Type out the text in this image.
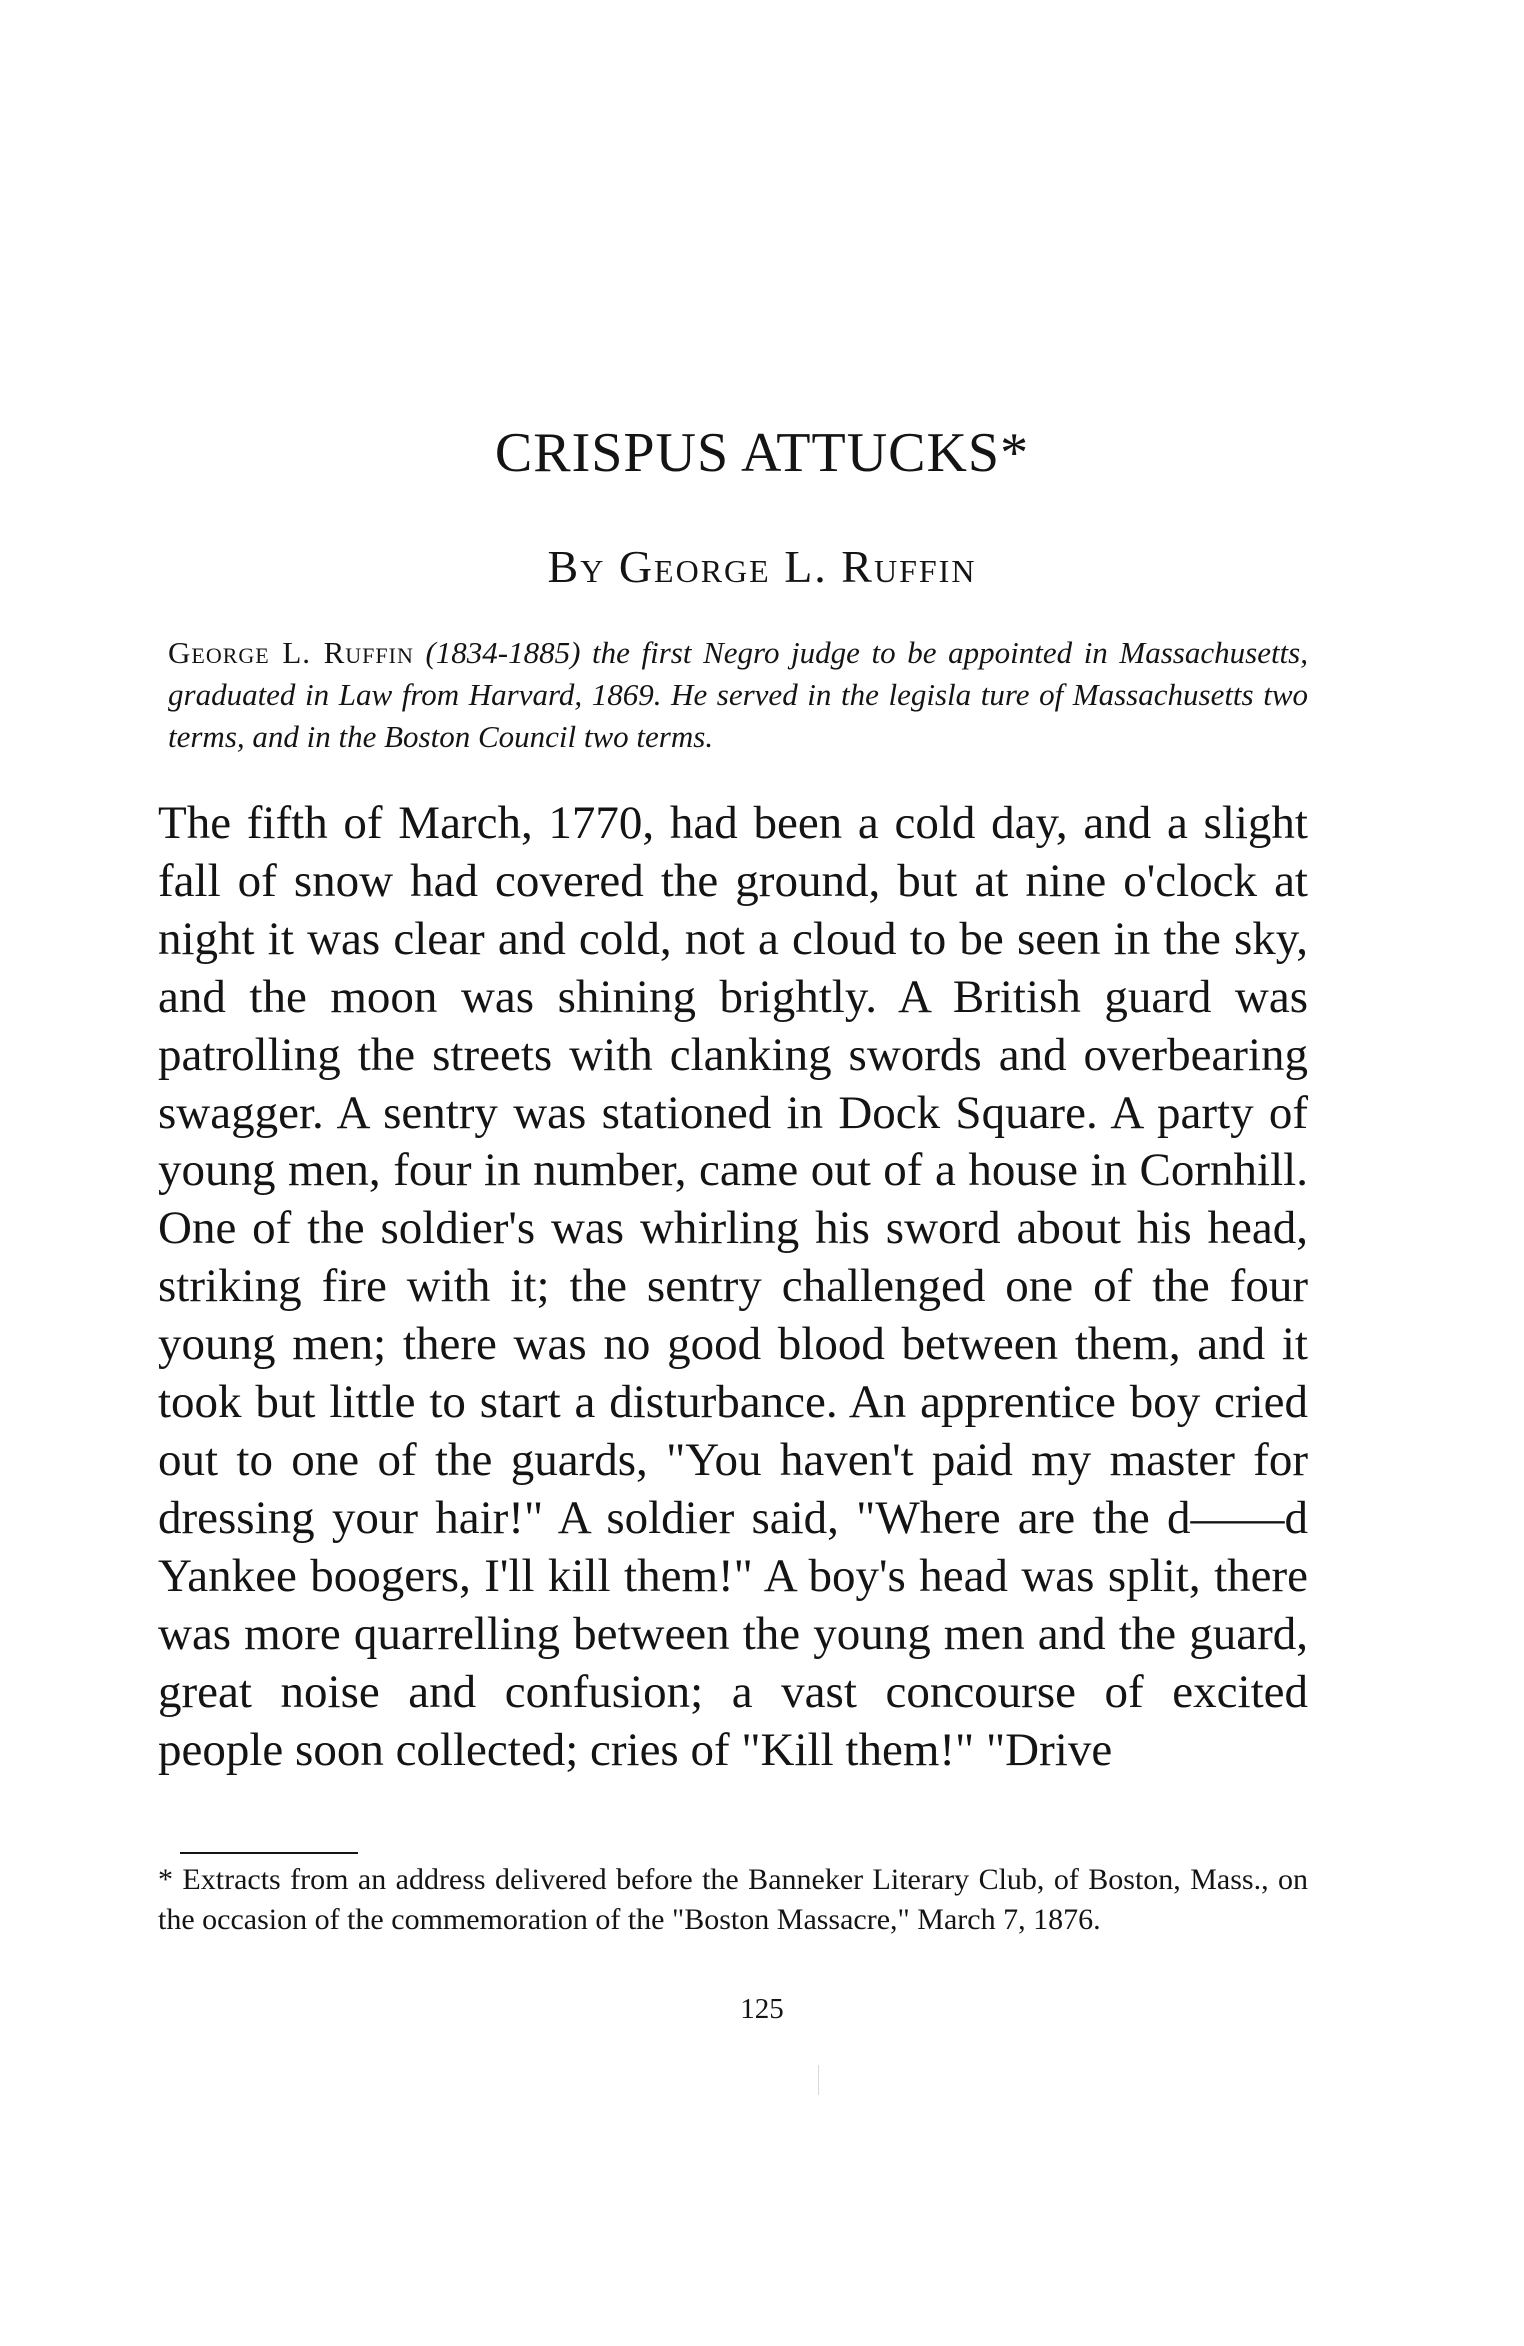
CRISPUS ATTUCKS*
By George L. Ruffin
George L. Ruffin (1834-1885) the first Negro judge to be appointed in Massachusetts, graduated in Law from Harvard, 1869. He served in the legisla ture of Massachusetts two terms, and in the Boston Council two terms.

The fifth of March, 1770, had been a cold day, and a slight fall of snow had covered the ground, but at nine o'clock at night it was clear and cold, not a cloud to be seen in the sky, and the moon was shining brightly. A British guard was patrolling the streets with clanking swords and overbearing swagger. A sentry was stationed in Dock Square. A party of young men, four in number, came out of a house in Cornhill. One of the soldier's was whirling his sword about his head, striking fire with it; the sentry challenged one of the four young men; there was no good blood between them, and it took but little to start a disturbance. An apprentice boy cried out to one of the guards, "You haven't paid my master for dressing your hair!" A soldier said, "Where are the d——d Yankee boogers, I'll kill them!" A boy's head was split, there was more quarrelling between the young men and the guard, great noise and confusion; a vast concourse of excited people soon collected; cries of "Kill them!" "Drive

* Extracts from an address delivered before the Banneker Literary Club, of Boston, Mass., on the occasion of the commemoration of the "Boston Massacre," March 7, 1876.

125
